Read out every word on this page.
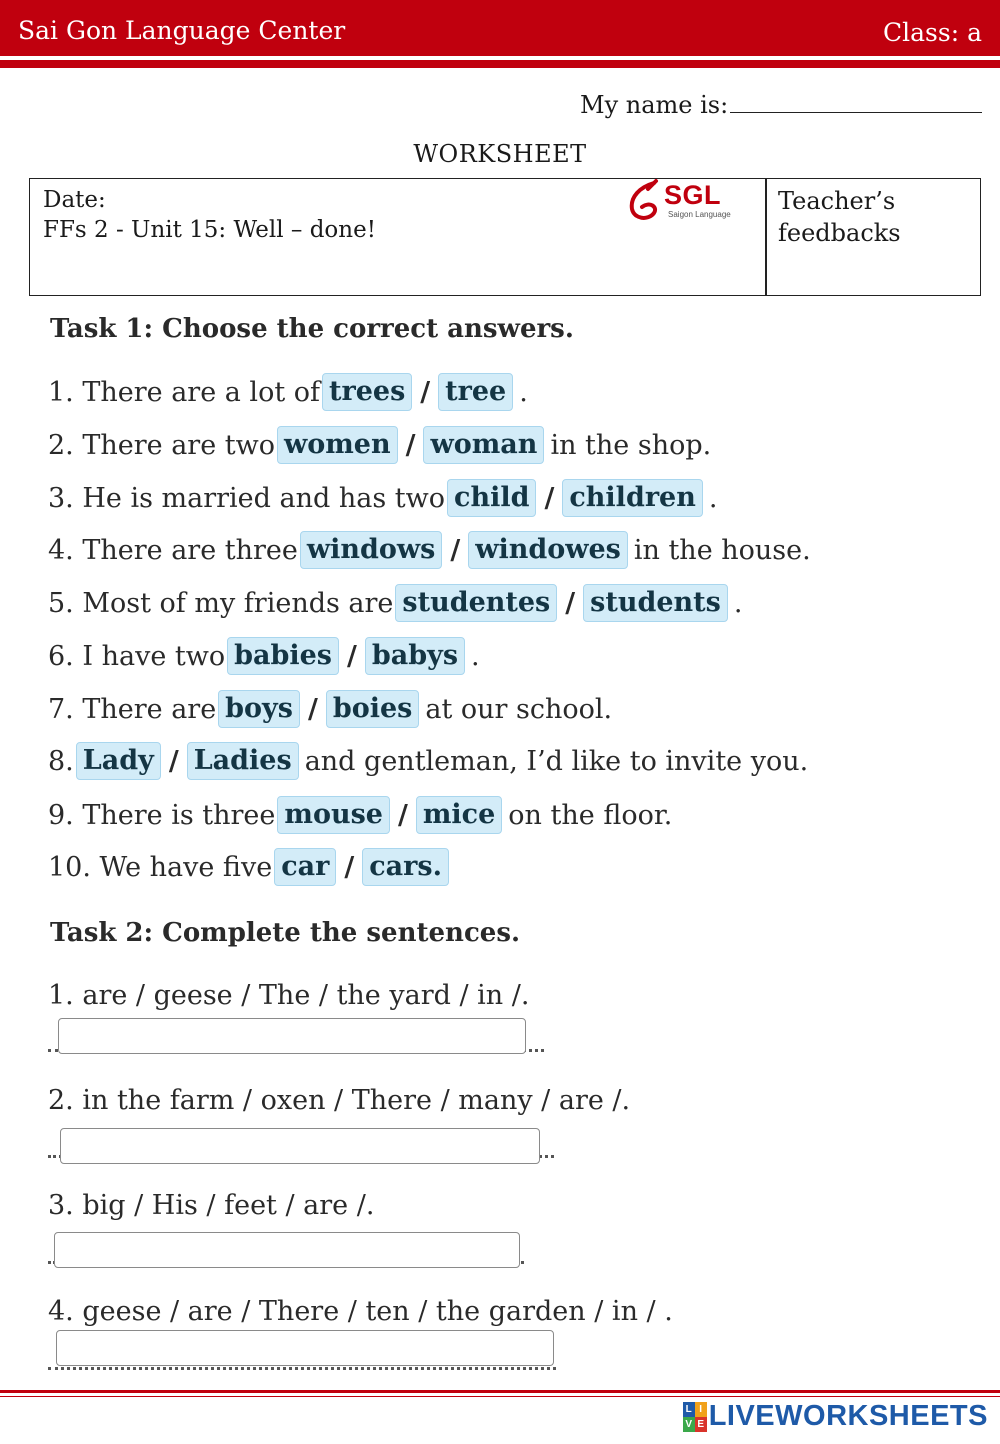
Sai Gon Language Center	Class: a
My name is:
WORKSHEET
Date:
FFs 2 - Unit 15: Well – done!
SGL
Saigon Language Teacher’s feedbacks
Task 1: Choose the correct answers.
1. There are a lot of trees / tree .
2. There are two women / woman in the shop.
3. He is married and has two child / children .
4. There are three windows / windowes in the house.
5. Most of my friends are studentes / students .
6. I have two babies / babys .
7. There are boys / boies at our school.
8. Lady / Ladies and gentleman, I’d like to invite you.
9. There is three mouse / mice on the floor.
10. We have five car / cars.
Task 2: Complete the sentences.
1. are / geese / The / the yard / in /.
2. in the farm / oxen / There / many / are /.
3. big / His / feet / are /.
4. geese / are / There / ten / the garden / in / .
L I
V E LIVEWORKSHEETS
